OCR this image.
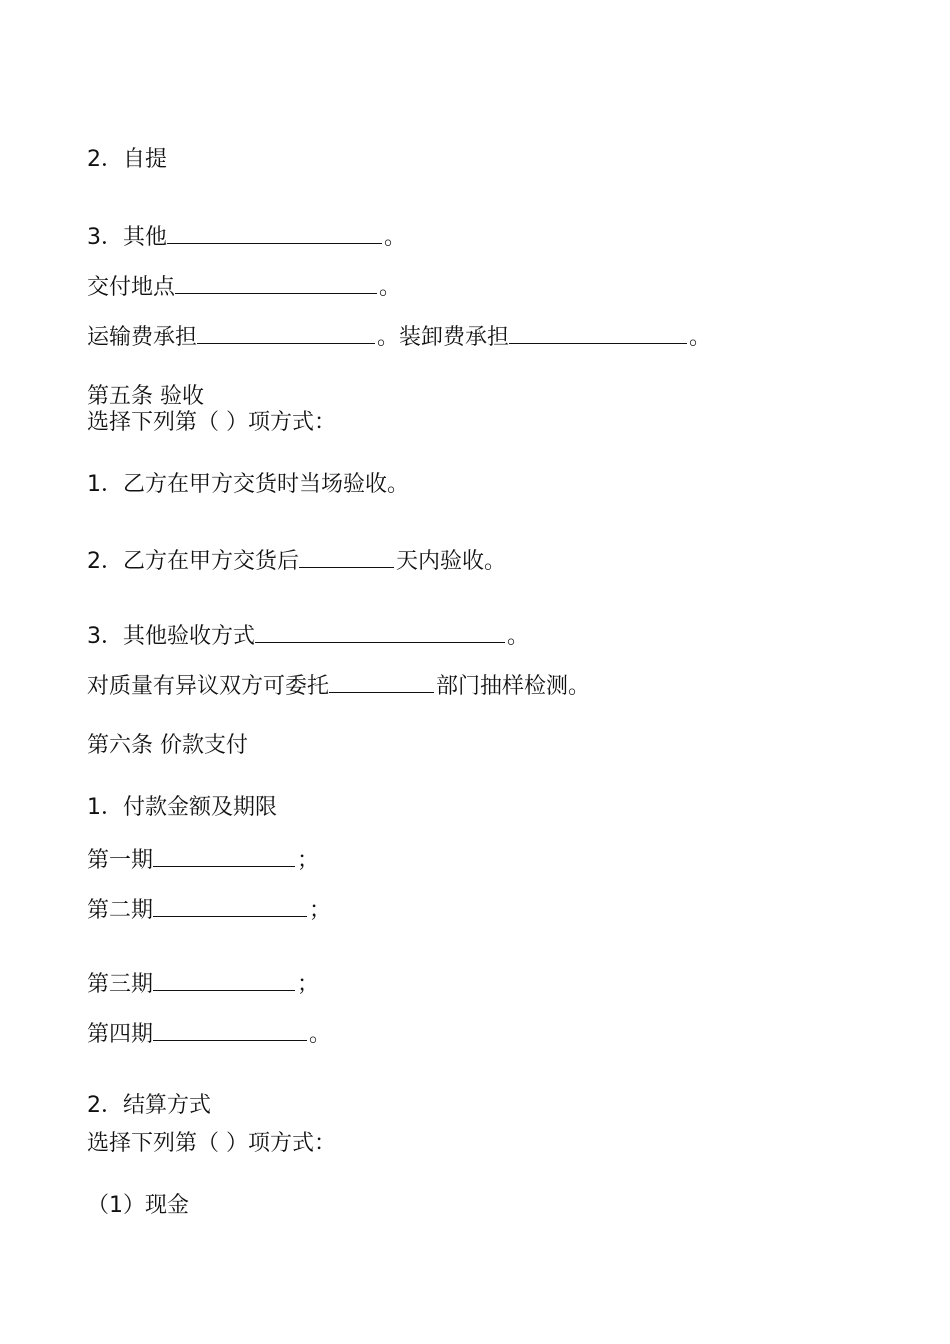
2．自提
3．其他	。
交付地点	。
运输费承担	。装卸费承担	。
第五条 验收
选择下列第（ ）项方式：
1．乙方在甲方交货时当场验收。
2．乙方在甲方交货后	天内验收。
3．其他验收方式	。
对质量有异议双方可委托	部门抽样检测。
第六条 价款支付
1．付款金额及期限
第一期	；
第二期	；
第三期	；
第四期	。
2．结算方式
选择下列第（ ）项方式：
（1）现金
